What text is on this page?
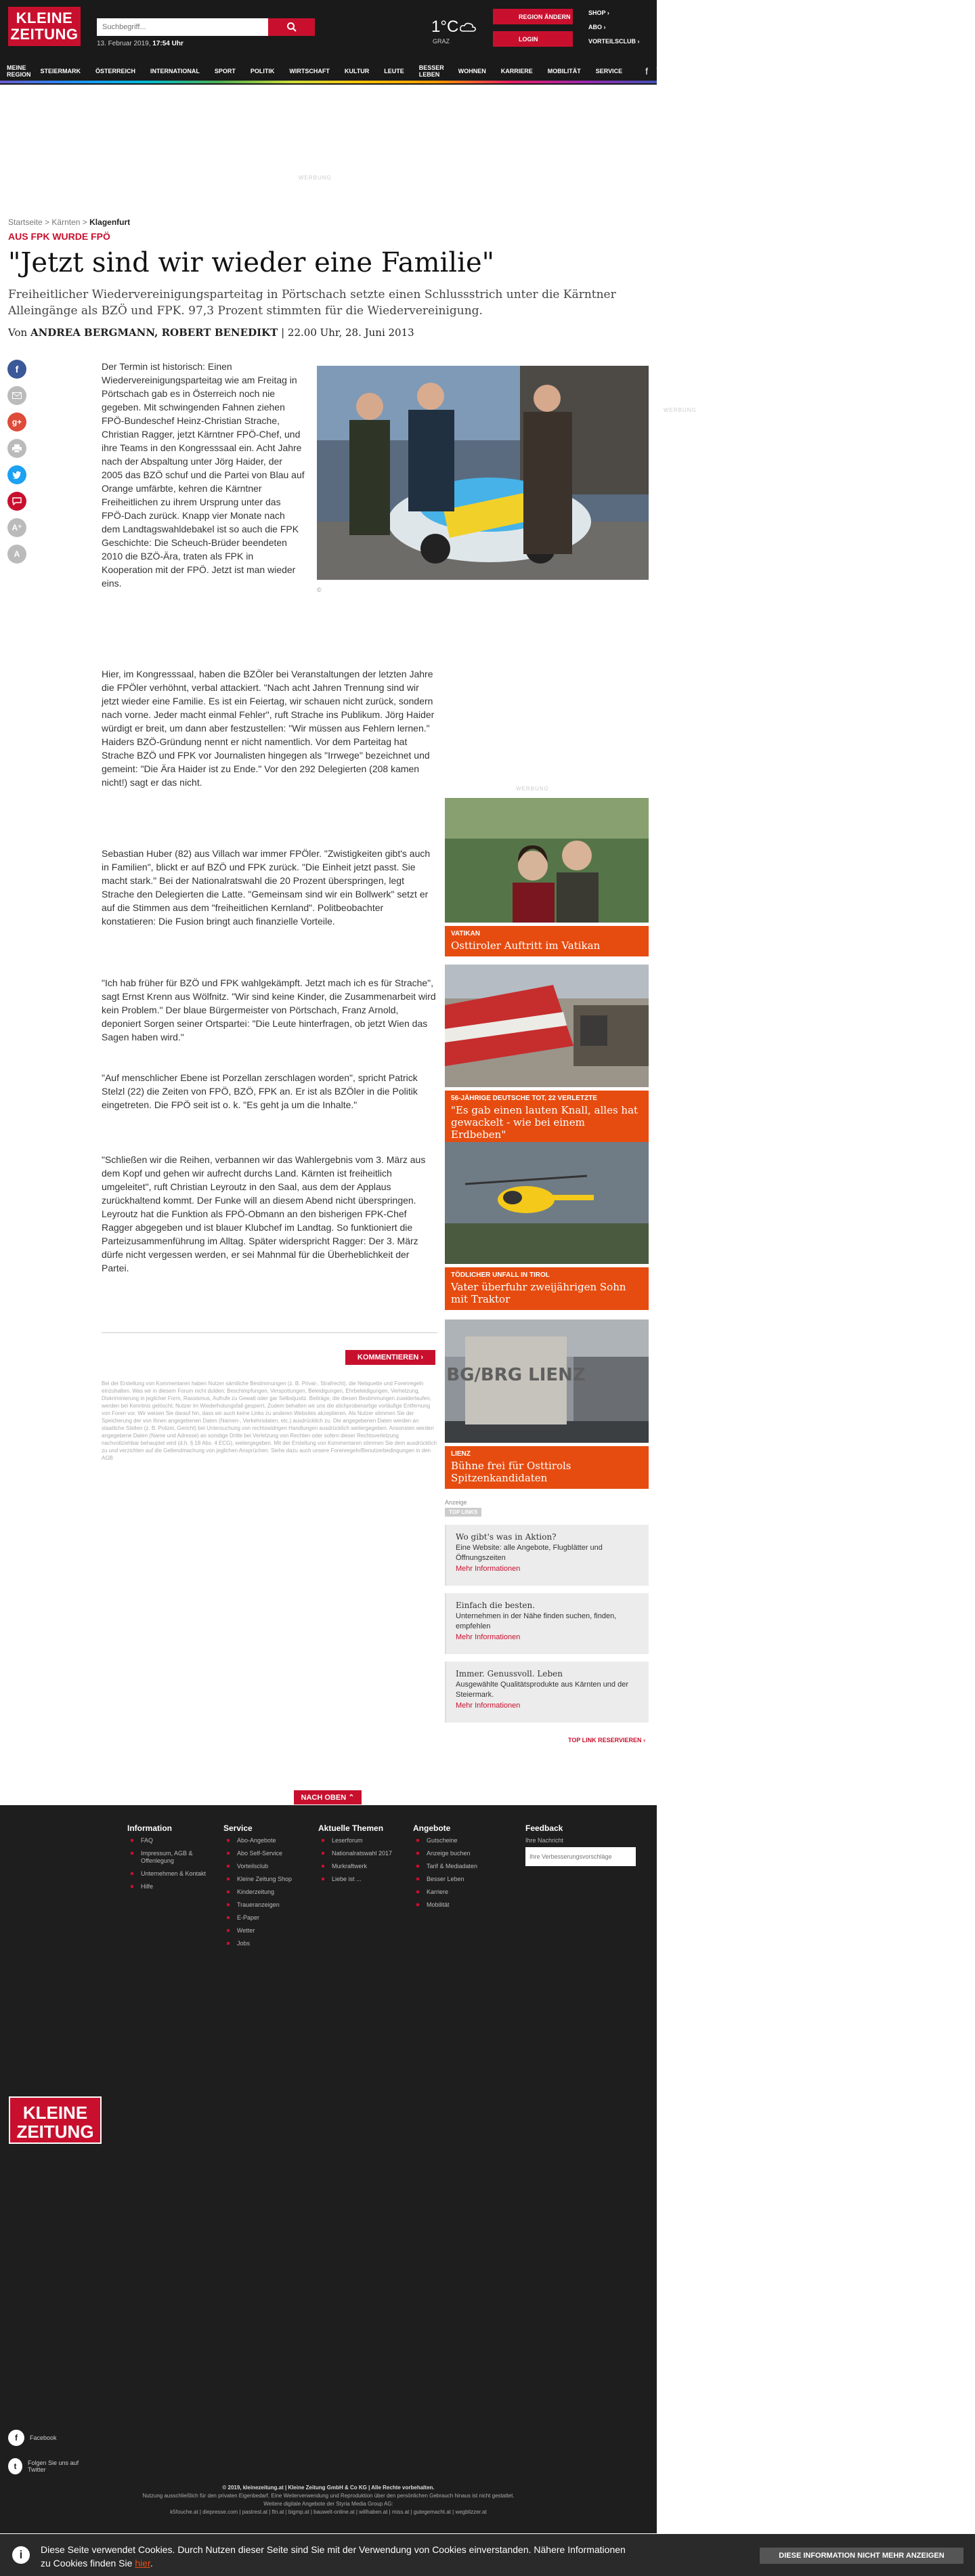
KLEINE
ZEITUNG
Suchbegriff...
13. Februar 2019, 17:54 Uhr
1°C
GRAZ
REGION ÄNDERN
LOGIN
SHOP ›
ABO ›
VORTEILSCLUB ›
MEINE REGION STEIERMARK ÖSTERREICH INTERNATIONAL SPORT POLITIK WIRTSCHAFT KULTUR LEUTE BESSER LEBEN	WOHNEN KARRIERE MOBILITÄT SERVICE f
WERBUNG
Startseite > Kärnten > Klagenfurt
AUS FPK WURDE FPÖ
"Jetzt sind wir wieder eine Familie"
Freiheitlicher Wiedervereinigungsparteitag in Pörtschach setzte einen Schlussstrich unter die Kärntner Alleingänge als BZÖ und FPK. 97,3 Prozent stimmten für die Wiedervereinigung.
Von ANDREA BERGMANN, ROBERT BENEDIKT | 22.00 Uhr, 28. Juni 2013
f
g+
A⁺
A
Der Termin ist historisch: Einen Wiedervereinigungsparteitag wie am Freitag in Pörtschach gab es in Österreich noch nie gegeben. Mit schwingenden Fahnen ziehen FPÖ-Bundeschef Heinz-Christian Strache, Christian Ragger, jetzt Kärntner FPÖ-Chef, und ihre Teams in den Kongresssaal ein. Acht Jahre nach der Abspaltung unter Jörg Haider, der 2005 das BZÖ schuf und die Partei von Blau auf Orange umfärbte, kehren die Kärntner Freiheitlichen zu ihrem Ursprung unter das FPÖ-Dach zurück. Knapp vier Monate nach dem Landtagswahldebakel ist so auch die FPK Geschichte: Die Scheuch-Brüder beendeten 2010 die BZÖ-Ära, traten als FPK in Kooperation mit der FPÖ. Jetzt ist man wieder eins.
©
WERBUNG
WERBUNG
Hier, im Kongresssaal, haben die BZÖler bei Veranstaltungen der letzten Jahre die FPÖler verhöhnt, verbal attackiert. "Nach acht Jahren Trennung sind wir jetzt wieder eine Familie. Es ist ein Feiertag, wir schauen nicht zurück, sondern nach vorne. Jeder macht einmal Fehler", ruft Strache ins Publikum. Jörg Haider würdigt er breit, um dann aber festzustellen: "Wir müssen aus Fehlern lernen." Haiders BZÖ-Gründung nennt er nicht namentlich. Vor dem Parteitag hat Strache BZÖ und FPK vor Journalisten hingegen als "Irrwege" bezeichnet und gemeint: "Die Ära Haider ist zu Ende." Vor den 292 Delegierten (208 kamen nicht!) sagt er das nicht.
Sebastian Huber (82) aus Villach war immer FPÖler. "Zwistigkeiten gibt's auch in Familien", blickt er auf BZÖ und FPK zurück. "Die Einheit jetzt passt. Sie macht stark." Bei der Nationalratswahl die 20 Prozent überspringen, legt Strache den Delegierten die Latte. "Gemeinsam sind wir ein Bollwerk" setzt er auf die Stimmen aus dem "freiheitlichen Kernland". Politbeobachter konstatieren: Die Fusion bringt auch finanzielle Vorteile.
"Ich hab früher für BZÖ und FPK wahlgekämpft. Jetzt mach ich es für Strache", sagt Ernst Krenn aus Wölfnitz. "Wir sind keine Kinder, die Zusammenarbeit wird kein Problem." Der blaue Bürgermeister von Pörtschach, Franz Arnold, deponiert Sorgen seiner Ortspartei: "Die Leute hinterfragen, ob jetzt Wien das Sagen haben wird."
"Auf menschlicher Ebene ist Porzellan zerschlagen worden", spricht Patrick Stelzl (22) die Zeiten von FPÖ, BZÖ, FPK an. Er ist als BZÖler in die Politik eingetreten. Die FPÖ seit ist o. k. "Es geht ja um die Inhalte."
"Schließen wir die Reihen, verbannen wir das Wahlergebnis vom 3. März aus dem Kopf und gehen wir aufrecht durchs Land. Kärnten ist freiheitlich umgeleitet", ruft Christian Leyroutz in den Saal, aus dem der Applaus zurückhaltend kommt. Der Funke will an diesem Abend nicht überspringen. Leyroutz hat die Funktion als FPÖ-Obmann an den bisherigen FPK-Chef Ragger abgegeben und ist blauer Klubchef im Landtag. So funktioniert die Parteizusammenführung im Alltag. Später widerspricht Ragger: Der 3. März dürfe nicht vergessen werden, er sei Mahnmal für die Überheblichkeit der Partei.
KOMMENTIEREN ›
Bei der Erstellung von Kommentaren haben Nutzer sämtliche Bestimmungen (z. B. Privat-, Strafrecht), die Netiquette und Forenregeln einzuhalten. Was wir in diesem Forum nicht dulden: Beschimpfungen, Verspottungen, Beleidigungen, Ehrbeleidigungen, Verhetzung, Diskriminierung in jeglicher Form, Rassismus, Aufrufe zu Gewalt oder gar Selbstjustiz. Beiträge, die diesen Bestimmungen zuwiderlaufen, werden bei Kenntnis gelöscht; Nutzer im Wiederholungsfall gesperrt. Zudem behalten wir uns die stichprobenartige vorläufige Entfernung von Foren vor. Wir weisen Sie darauf hin, dass wir auch keine Links zu anderen Websites akzeptieren. Als Nutzer stimmen Sie der Speicherung der von Ihnen angegebenen Daten (Namen-, Verkehrsdaten, etc.) ausdrücklich zu. Die angegebenen Daten werden an staatliche Stellen (z. B. Polizei, Gericht) bei Untersuchung von rechtswidrigen Handlungen ausdrücklich weitergegeben. Ansonsten werden angegebene Daten (Name und Adresse) an sonstige Dritte bei Verletzung von Rechten oder sofern dieser Rechtsverletzung nachvollziehbar behauptet wird (d.h. § 18 Abs. 4 ECG), weitergegeben. Mit der Erstellung von Kommentaren stimmen Sie dem ausdrücklich zu und verzichten auf die Geltendmachung von jeglichen Ansprüchen. Siehe dazu auch unsere Forenregeln/Benutzerbedingungen in den AGB
VATIKAN
Osttiroler Auftritt im Vatikan
56-JÄHRIGE DEUTSCHE TOT, 22 VERLETZTE
"Es gab einen lauten Knall, alles hat gewackelt - wie bei einem Erdbeben"
TÖDLICHER UNFALL IN TIROL
Vater überfuhr zweijährigen Sohn mit Traktor
BG/BRG LIENZ
LIENZ
Bühne frei für Osttirols Spitzenkandidaten
Anzeige
TOP LINKS
Wo gibt's was in Aktion?
Eine Website: alle Angebote, Flugblätter und Öffnungszeiten
Mehr Informationen
Einfach die besten.
Unternehmen in der Nähe finden suchen, finden, empfehlen
Mehr Informationen
Immer. Genussvoll. Leben
Ausgewählte Qualitätsprodukte aus Kärnten und der Steiermark.
Mehr Informationen
TOP LINK RESERVIEREN ›
NACH OBEN ⌃
Information
FAQ
Impressum, AGB & Offenlegung
Unternehmen & Kontakt
Hilfe
Service
Abo-Angebote
Abo Self-Service
Vorteilsclub
Kleine Zeitung Shop
Kinderzeitung
Traueranzeigen
E-Paper
Wetter
Jobs
Aktuelle Themen
Leserforum
Nationalratswahl 2017
Murkraftwerk
Liebe ist ...
Angebote
Gutscheine
Anzeige buchen
Tarif & Mediadaten
Besser Leben
Karriere
Mobilität
Feedback
Ihre Nachricht
Ihre Verbesserungsvorschläge
KLEINE
ZEITUNG
f	Facebook
t	Folgen Sie uns auf Twitter
© 2019, kleinezeitung.at | Kleine Zeitung GmbH & Co KG | Alle Rechte vorbehalten.
Nutzung ausschließlich für den privaten Eigenbedarf. Eine Weiterverwendung und Reproduktion über den persönlichen Gebrauch hinaus ist nicht gestattet.
Weitere digitale Angebote der Styria Media Group AG:
k5fouche.at | diepresse.com | pastrest.at | ftn.at | bigmp.at | bauwelt-online.at | willhaben.at | miss.at | gutegemacht.at | wegblizzer.at
i	Diese Seite verwendet Cookies. Durch Nutzen dieser Seite sind Sie mit der Verwendung von Cookies einverstanden. Nähere Informationen zu Cookies finden Sie hier.
DIESE INFORMATION NICHT MEHR ANZEIGEN
